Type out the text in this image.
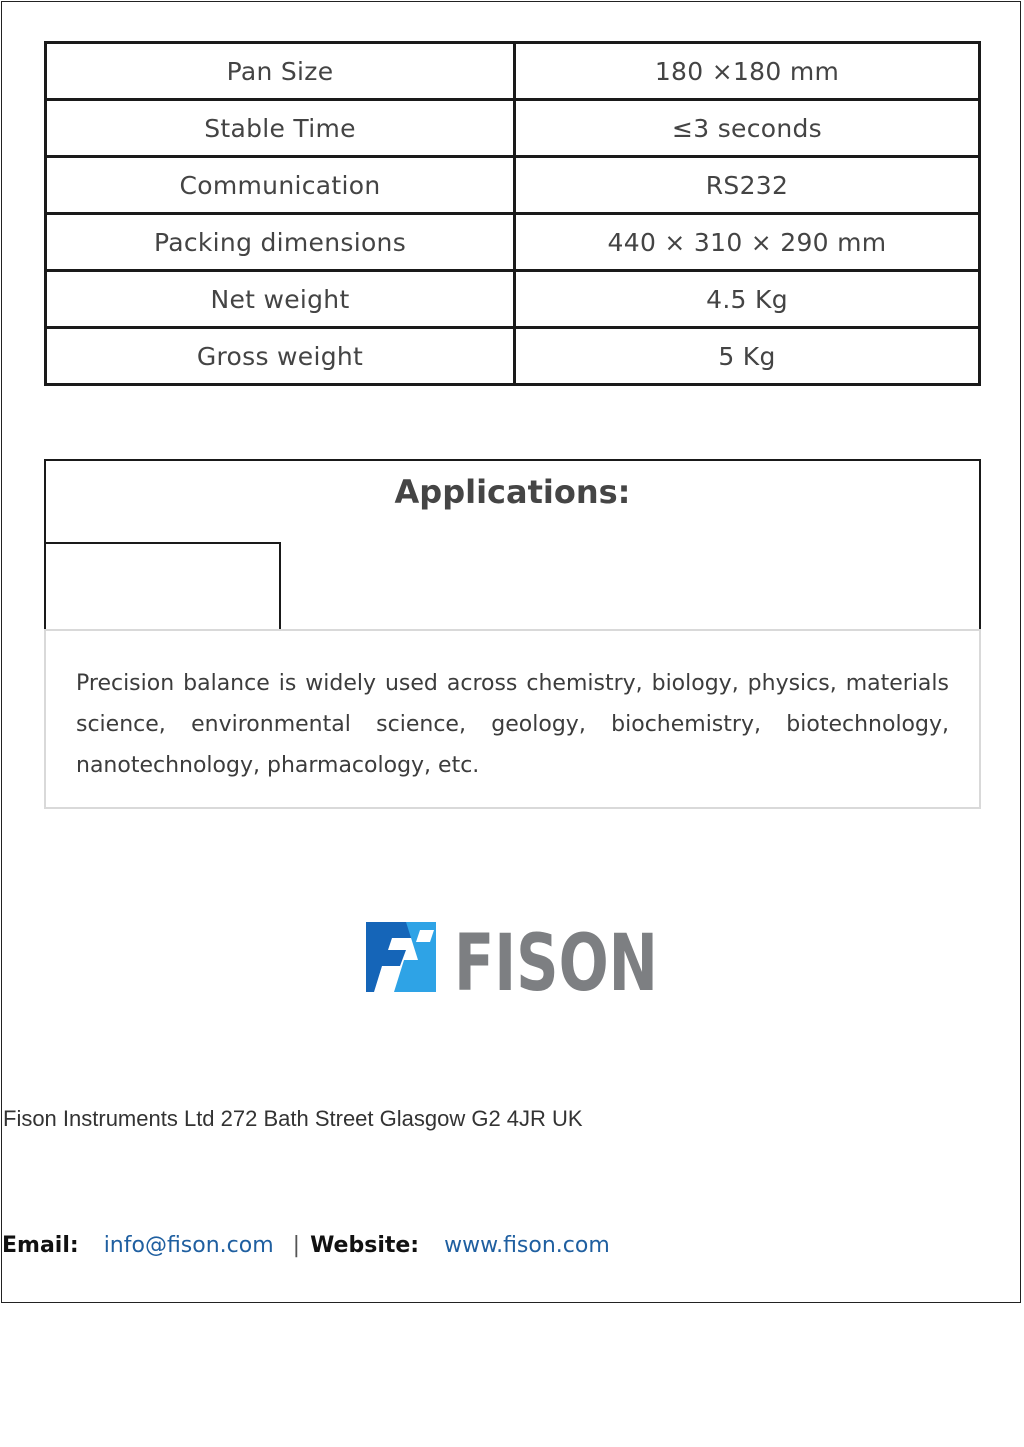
Pan Size	180 ×180 mm
Stable Time	≤3 seconds
Communication	RS232
Packing dimensions	440 × 310 × 290 mm
Net weight	4.5 Kg
Gross weight	5 Kg
Applications:

Precision balance is widely used across chemistry, biology, physics, materials science, environmental science, geology, biochemistry, biotechnology, nanotechnology, pharmacology, etc.

FISON
Fison Instruments Ltd 272 Bath Street Glasgow G2 4JR UK
Email: info@fison.com | Website: www.fison.com
